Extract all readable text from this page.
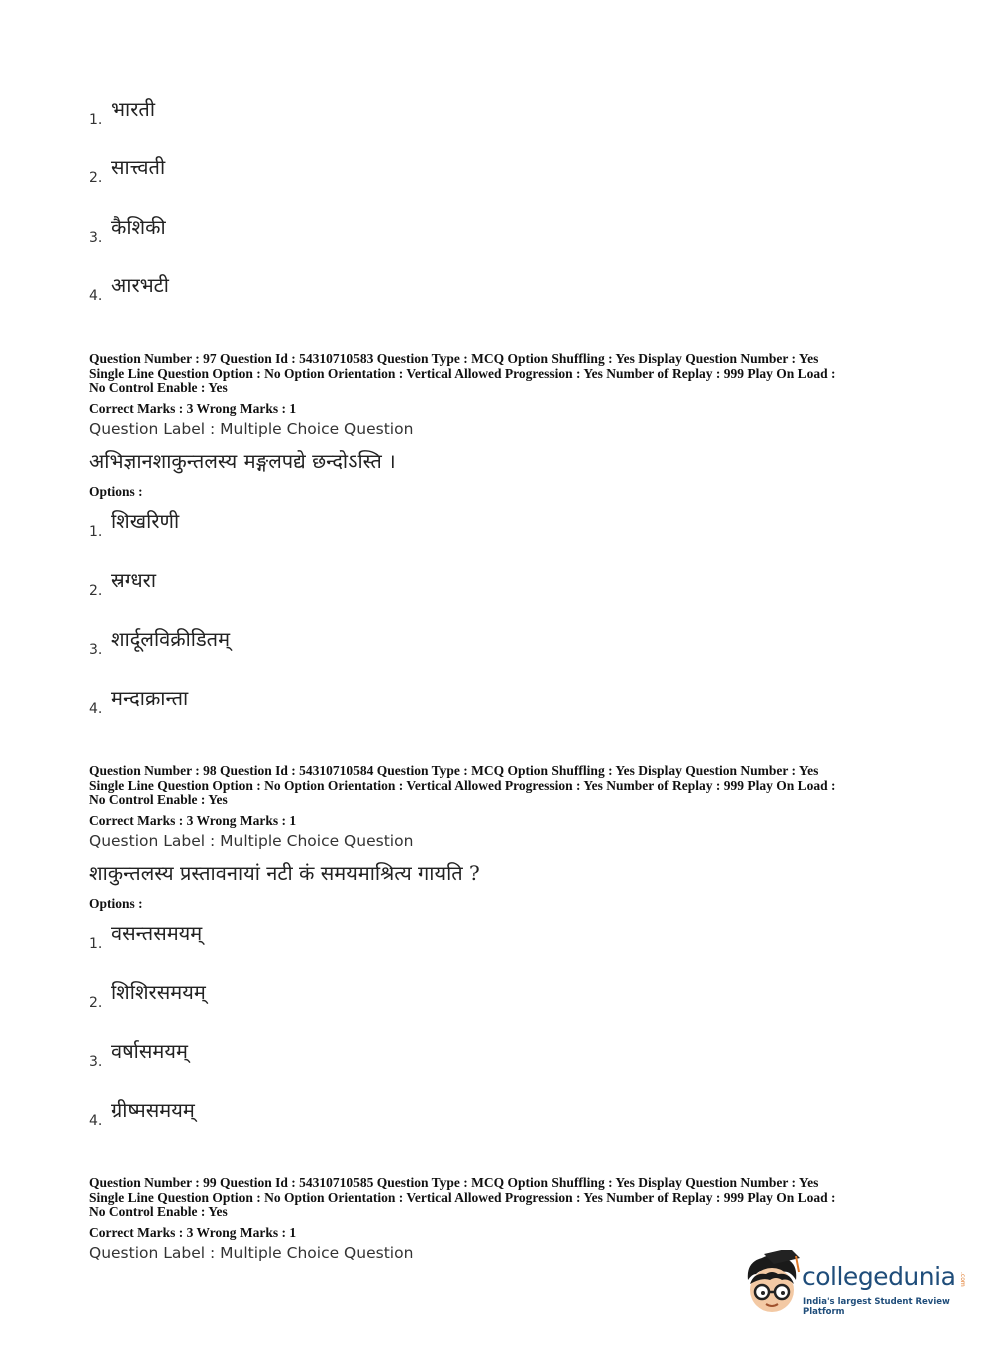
1. भारती
2. सात्त्वती
3. कैशिकी
4. आरभटी
Question Number : 97 Question Id : 54310710583 Question Type : MCQ Option Shuffling : Yes Display Question Number : Yes
Single Line Question Option : No Option Orientation : Vertical Allowed Progression : Yes Number of Replay : 999 Play On Load :
No Control Enable : Yes
Correct Marks : 3 Wrong Marks : 1
Question Label : Multiple Choice Question
अभिज्ञानशाकुन्तलस्य मङ्गलपद्ये छन्दोऽस्ति ।
Options :
1. शिखरिणी
2. स्रग्धरा
3. शार्दूलविक्रीडितम्
4. मन्दाक्रान्ता
Question Number : 98 Question Id : 54310710584 Question Type : MCQ Option Shuffling : Yes Display Question Number : Yes
Single Line Question Option : No Option Orientation : Vertical Allowed Progression : Yes Number of Replay : 999 Play On Load :
No Control Enable : Yes
Correct Marks : 3 Wrong Marks : 1
Question Label : Multiple Choice Question
शाकुन्तलस्य प्रस्तावनायां नटी कं समयमाश्रित्य गायति ?
Options :
1. वसन्तसमयम्
2. शिशिरसमयम्
3. वर्षासमयम्
4. ग्रीष्मसमयम्
Question Number : 99 Question Id : 54310710585 Question Type : MCQ Option Shuffling : Yes Display Question Number : Yes
Single Line Question Option : No Option Orientation : Vertical Allowed Progression : Yes Number of Replay : 999 Play On Load :
No Control Enable : Yes
Correct Marks : 3 Wrong Marks : 1
Question Label : Multiple Choice Question
collegedunia .com
India's largest Student Review Platform
